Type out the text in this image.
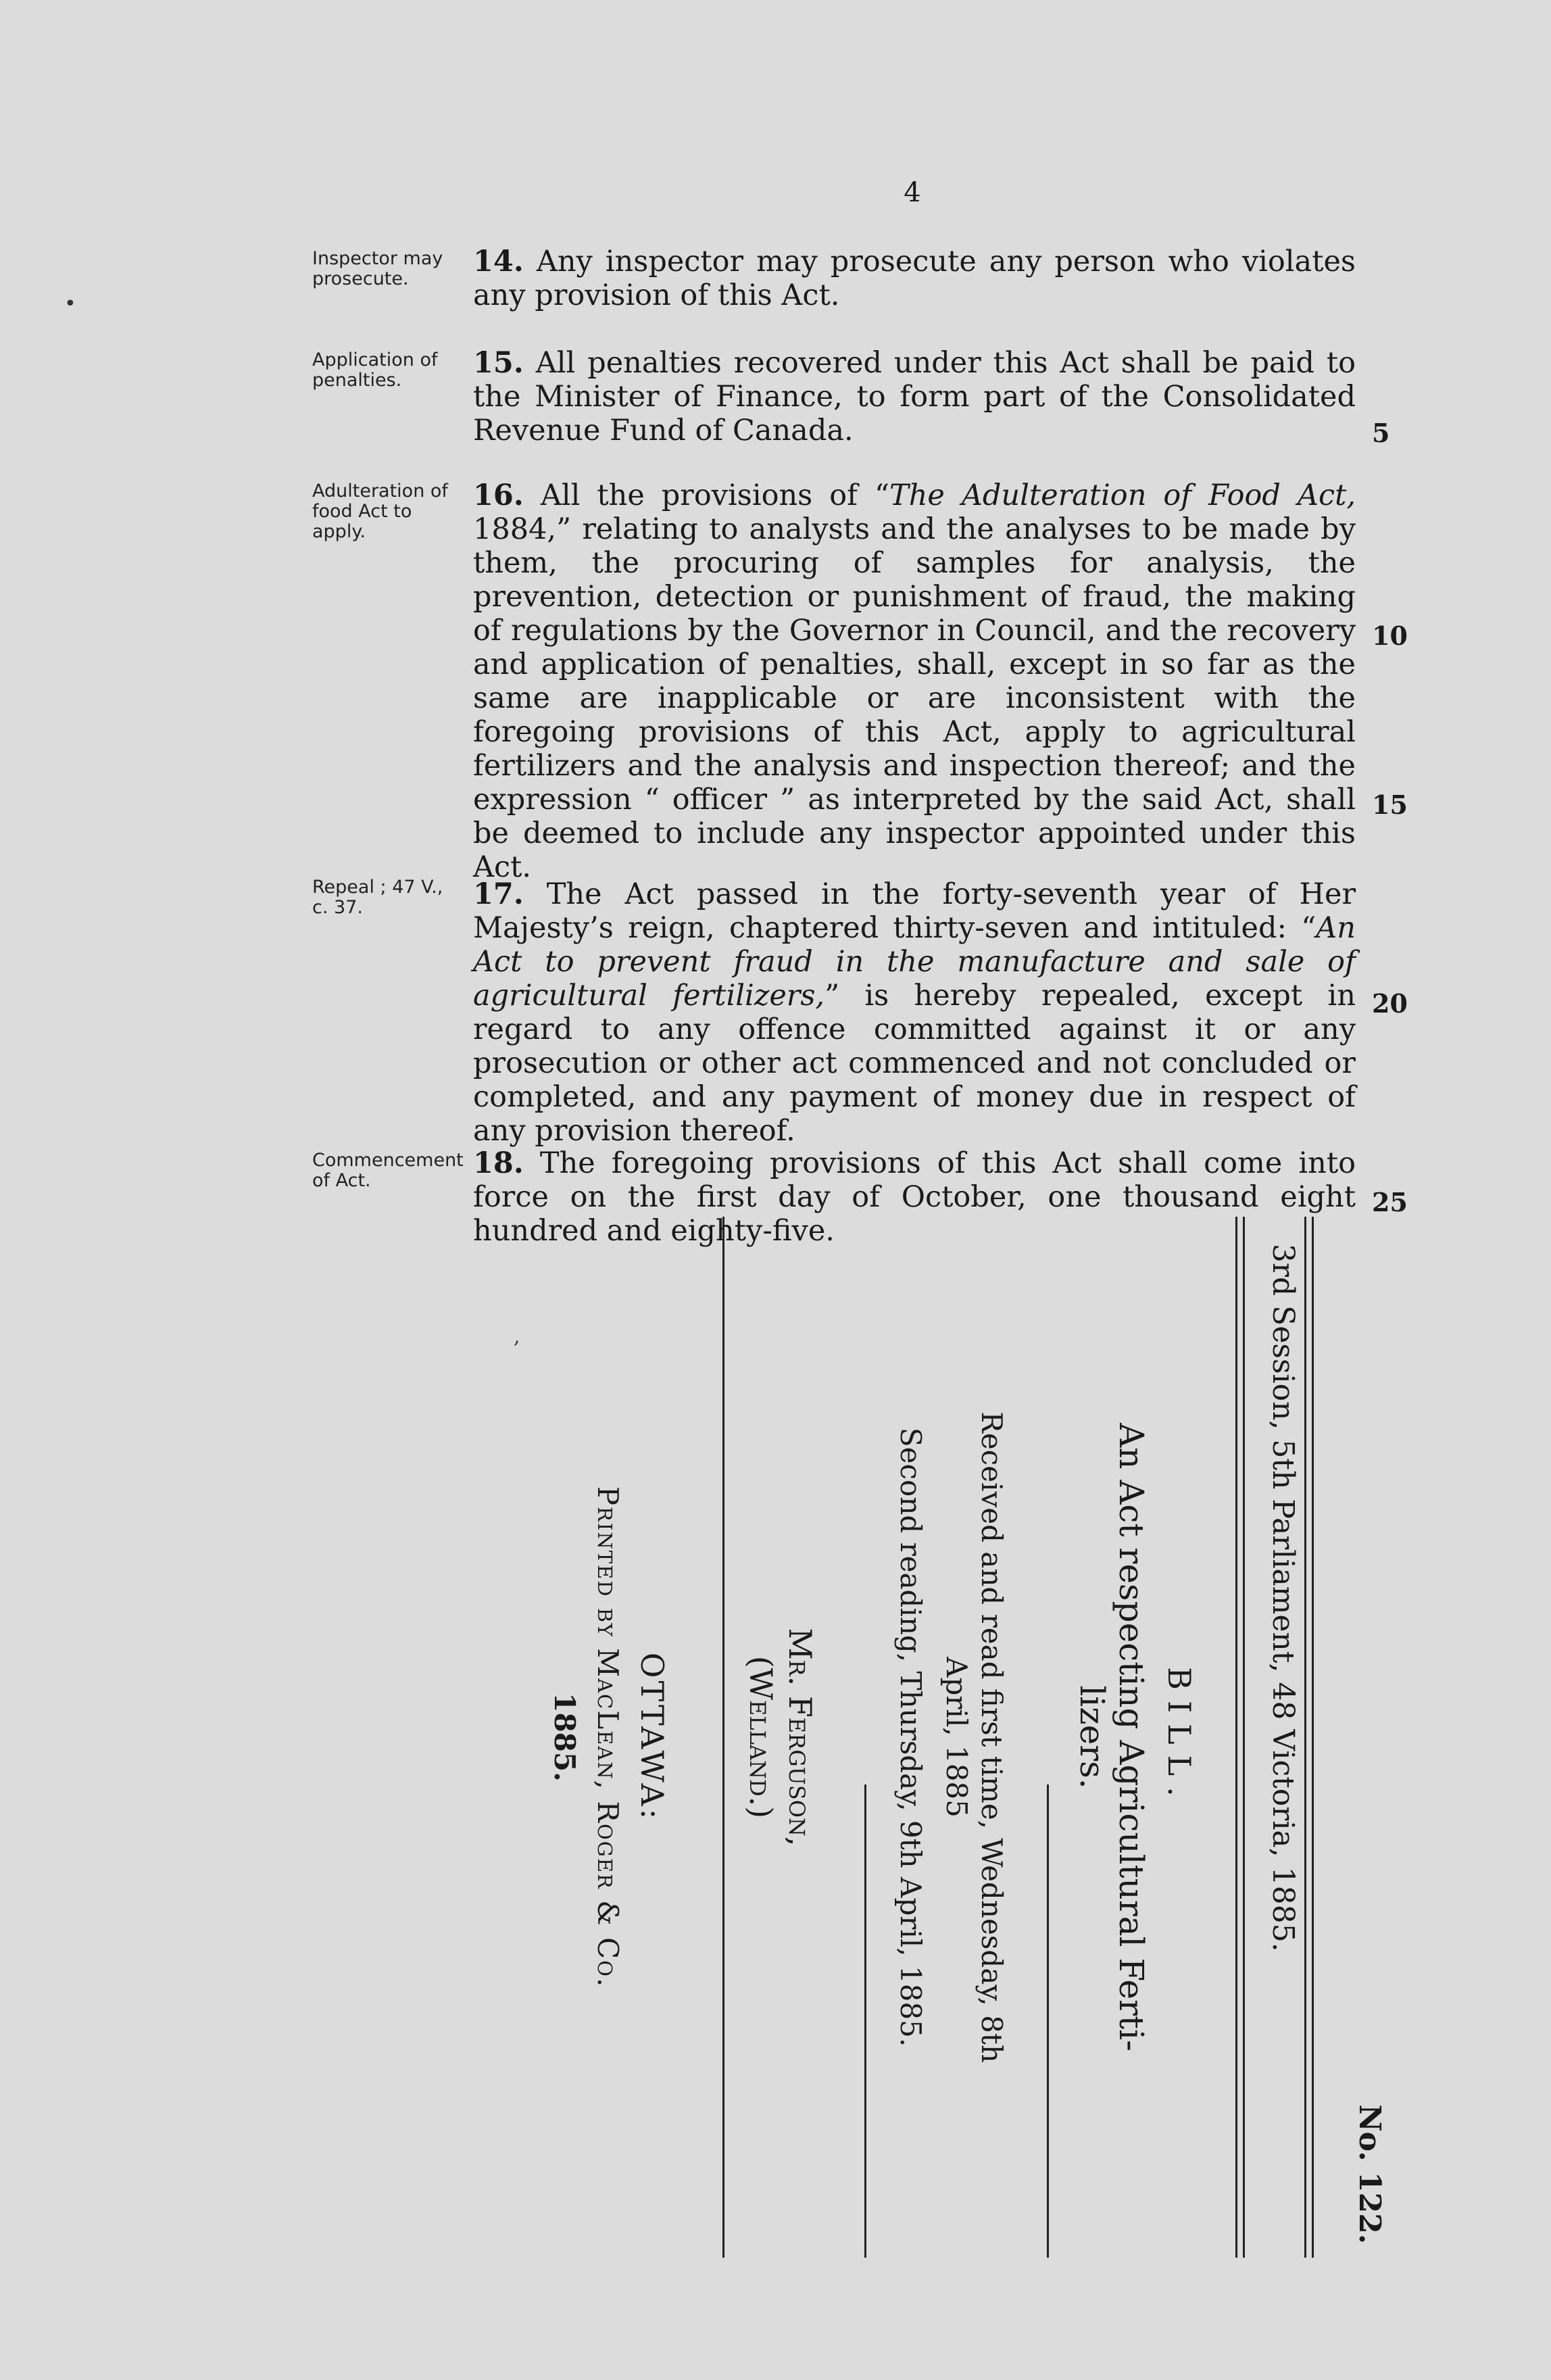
4
Inspector may prosecute.

14. Any inspector may prosecute any person who violates any provision of this Act.

Application of penalties.

15. All penalties recovered under this Act shall be paid to the Minister of Finance, to form part of the Consolidated Revenue Fund of Canada.

Adulteration of food Act to apply.

16. All the provisions of “The Adulteration of Food Act, 1884,” relating to analysts and the analyses to be made by them, the procuring of samples for analysis, the prevention, detection or punishment of fraud, the making of regulations by the Governor in Council, and the recovery and application of penalties, shall, except in so far as the same are inapplicable or are inconsistent with the foregoing provisions of this Act, apply to agricultural fertilizers and the analysis and inspection thereof; and the expression “ officer ” as interpreted by the said Act, shall be deemed to include any inspector appointed under this Act.

Repeal ; 47 V., c. 37.	17. The Act passed in the forty-seventh year of Her Majesty’s reign, chaptered thirty-seven and intituled: “An Act to prevent fraud in the manufacture and sale of agricultural fertilizers,” is hereby repealed, except in regard to any offence committed against it or any prosecution or other act commenced and not concluded or completed, and any payment of money due in respect of any provision thereof.

Commencement of Act.

18. The foregoing provisions of this Act shall come into force on the first day of October, one thousand eight hundred and eighty-five.

5
10
15
20
25
,
•
No. 122.
3rd Session, 5th Parliament, 48 Victoria, 1885.
BILL.
An Act respecting Agricultural Ferti-
lizers.
Received and read first time, Wednesday, 8th
April, 1885
Second reading, Thursday, 9th April, 1885.
Mr. Ferguson,
(Welland.)
OTTAWA:
Printed by MacLean, Roger & Co.
1885.
